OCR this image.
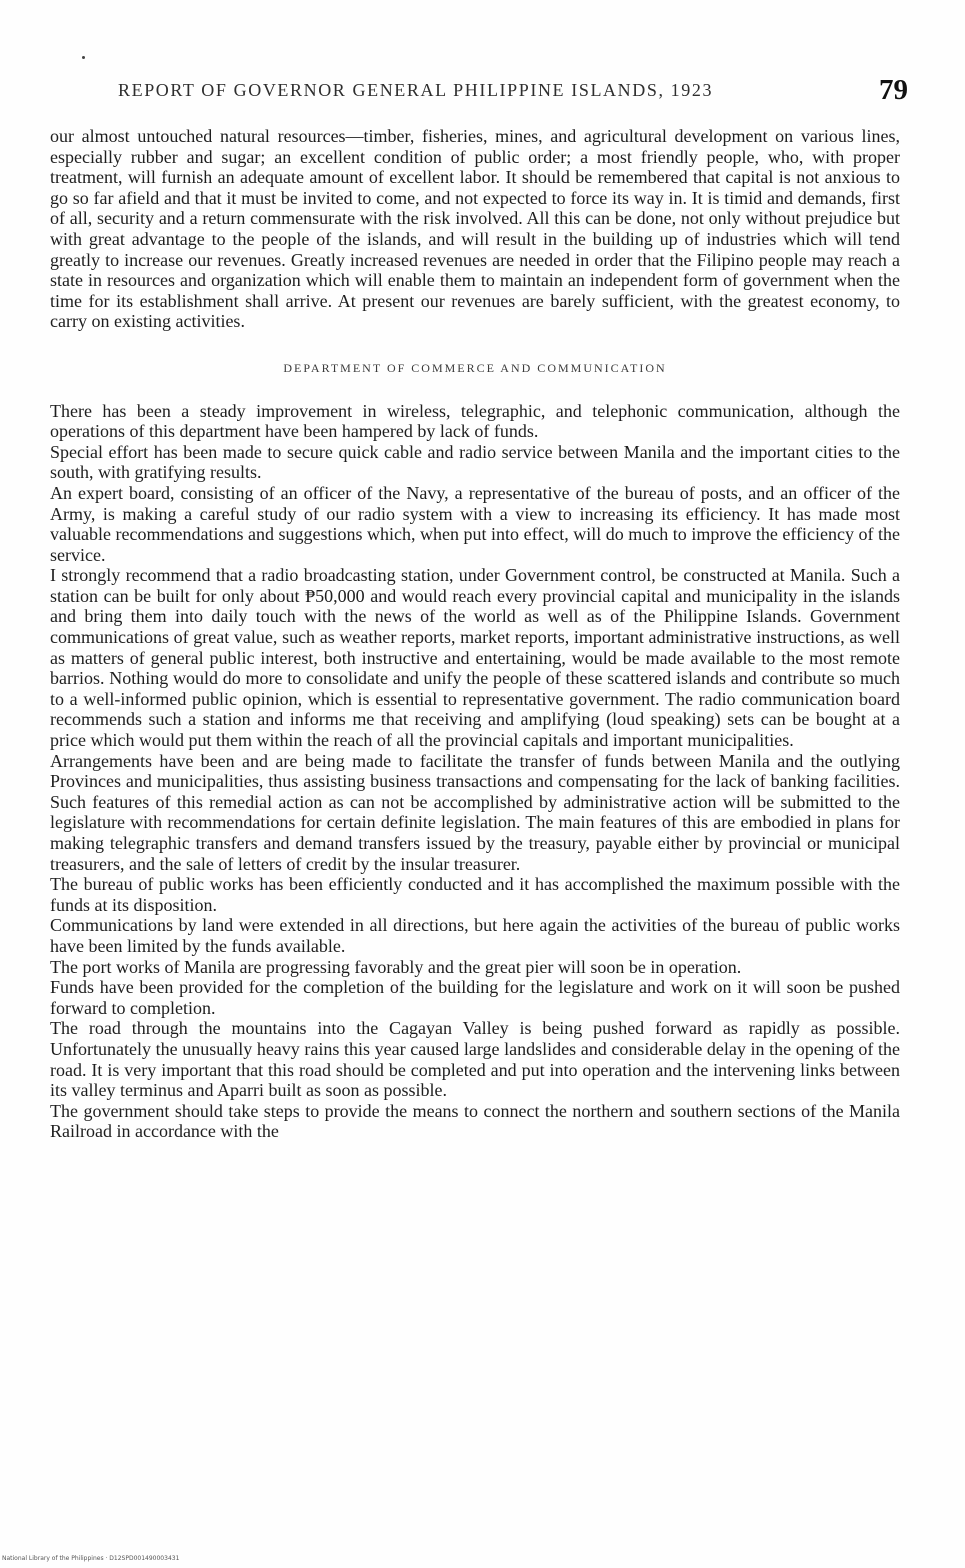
REPORT OF GOVERNOR GENERAL PHILIPPINE ISLANDS, 1923	79

our almost untouched natural resources—timber, fisheries, mines, and agricultural development on various lines, especially rubber and sugar; an excellent condition of public order; a most friendly people, who, with proper treatment, will furnish an adequate amount of excellent labor. It should be remembered that capital is not anxious to go so far afield and that it must be invited to come, and not expected to force its way in. It is timid and demands, first of all, security and a return commensurate with the risk involved. All this can be done, not only without prejudice but with great advantage to the people of the islands, and will result in the building up of industries which will tend greatly to increase our revenues. Greatly increased revenues are needed in order that the Filipino people may reach a state in resources and organization which will enable them to maintain an independent form of government when the time for its establishment shall arrive. At present our revenues are barely sufficient, with the greatest economy, to carry on existing activities.

DEPARTMENT OF COMMERCE AND COMMUNICATION

There has been a steady improvement in wireless, telegraphic, and telephonic communication, although the operations of this department have been hampered by lack of funds.

Special effort has been made to secure quick cable and radio service between Manila and the important cities to the south, with gratifying results.

An expert board, consisting of an officer of the Navy, a representative of the bureau of posts, and an officer of the Army, is making a careful study of our radio system with a view to increasing its efficiency. It has made most valuable recommendations and suggestions which, when put into effect, will do much to improve the efficiency of the service.

I strongly recommend that a radio broadcasting station, under Government control, be constructed at Manila. Such a station can be built for only about ₱50,000 and would reach every provincial capital and municipality in the islands and bring them into daily touch with the news of the world as well as of the Philippine Islands. Government communications of great value, such as weather reports, market reports, important administrative instructions, as well as matters of general public interest, both instructive and entertaining, would be made available to the most remote barrios. Nothing would do more to consolidate and unify the people of these scattered islands and contribute so much to a well-informed public opinion, which is essential to representative government. The radio communication board recommends such a station and informs me that receiving and amplifying (loud speaking) sets can be bought at a price which would put them within the reach of all the provincial capitals and important municipalities.

Arrangements have been and are being made to facilitate the transfer of funds between Manila and the outlying Provinces and municipalities, thus assisting business transactions and compensating for the lack of banking facilities. Such features of this remedial action as can not be accomplished by administrative action will be submitted to the legislature with recommendations for certain definite legislation. The main features of this are embodied in plans for making telegraphic transfers and demand transfers issued by the treasury, payable either by provincial or municipal treasurers, and the sale of letters of credit by the insular treasurer.

The bureau of public works has been efficiently conducted and it has accomplished the maximum possible with the funds at its disposition.

Communications by land were extended in all directions, but here again the activities of the bureau of public works have been limited by the funds available.

The port works of Manila are progressing favorably and the great pier will soon be in operation.

Funds have been provided for the completion of the building for the legislature and work on it will soon be pushed forward to completion.

The road through the mountains into the Cagayan Valley is being pushed forward as rapidly as possible. Unfortunately the unusually heavy rains this year caused large landslides and considerable delay in the opening of the road. It is very important that this road should be completed and put into operation and the intervening links between its valley terminus and Aparri built as soon as possible.

The government should take steps to provide the means to connect the northern and southern sections of the Manila Railroad in accordance with the

National Library of the Philippines · D12SPD001490003431
